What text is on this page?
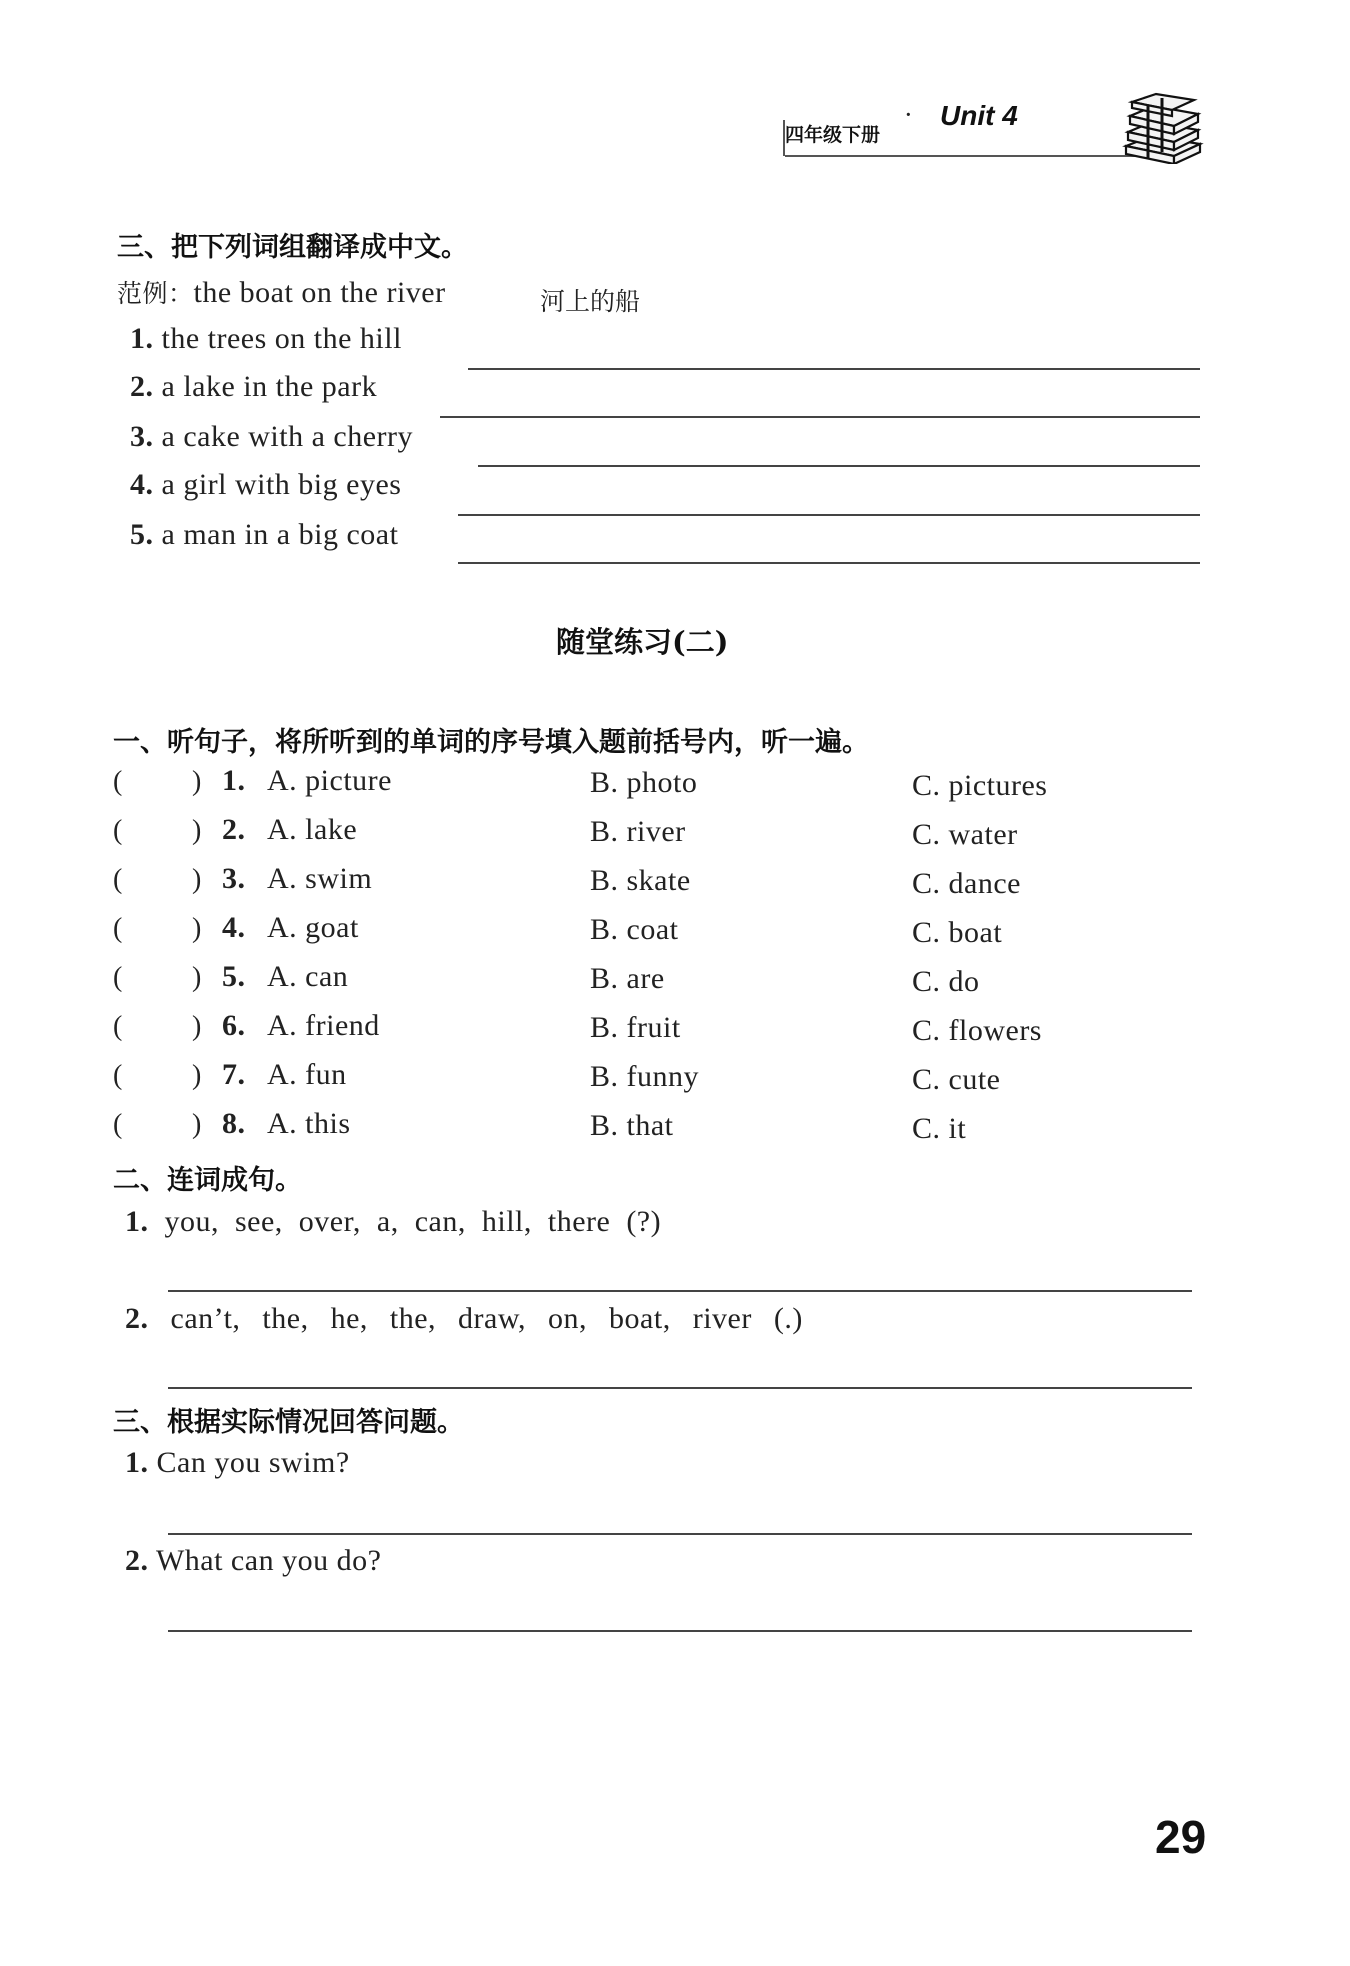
四年级下册
· Unit 4
三、把下列词组翻译成中文。
范例：the boat on the river	河上的船
1. the trees on the hill
2. a lake in the park
3. a cake with a cherry
4. a girl with big eyes
5. a man in a big coat
随堂练习(二)
一、听句子，将所听到的单词的序号填入题前括号内，听一遍。
( ) 1. A. picture	B. photo	C. pictures
( ) 2. A. lake	B. river	C. water
( ) 3. A. swim	B. skate	C. dance
( ) 4. A. goat	B. coat	C. boat
( ) 5. A. can	B. are	C. do
( ) 6. A. friend	B. fruit	C. flowers
( ) 7. A. fun	B. funny	C. cute
( ) 8. A. this	B. that	C. it
二、连词成句。
1. you, see, over, a, can, hill, there (?)
2. can’t, the, he, the, draw, on, boat, river (.)
三、根据实际情况回答问题。
1. Can you swim?
2. What can you do?
29
